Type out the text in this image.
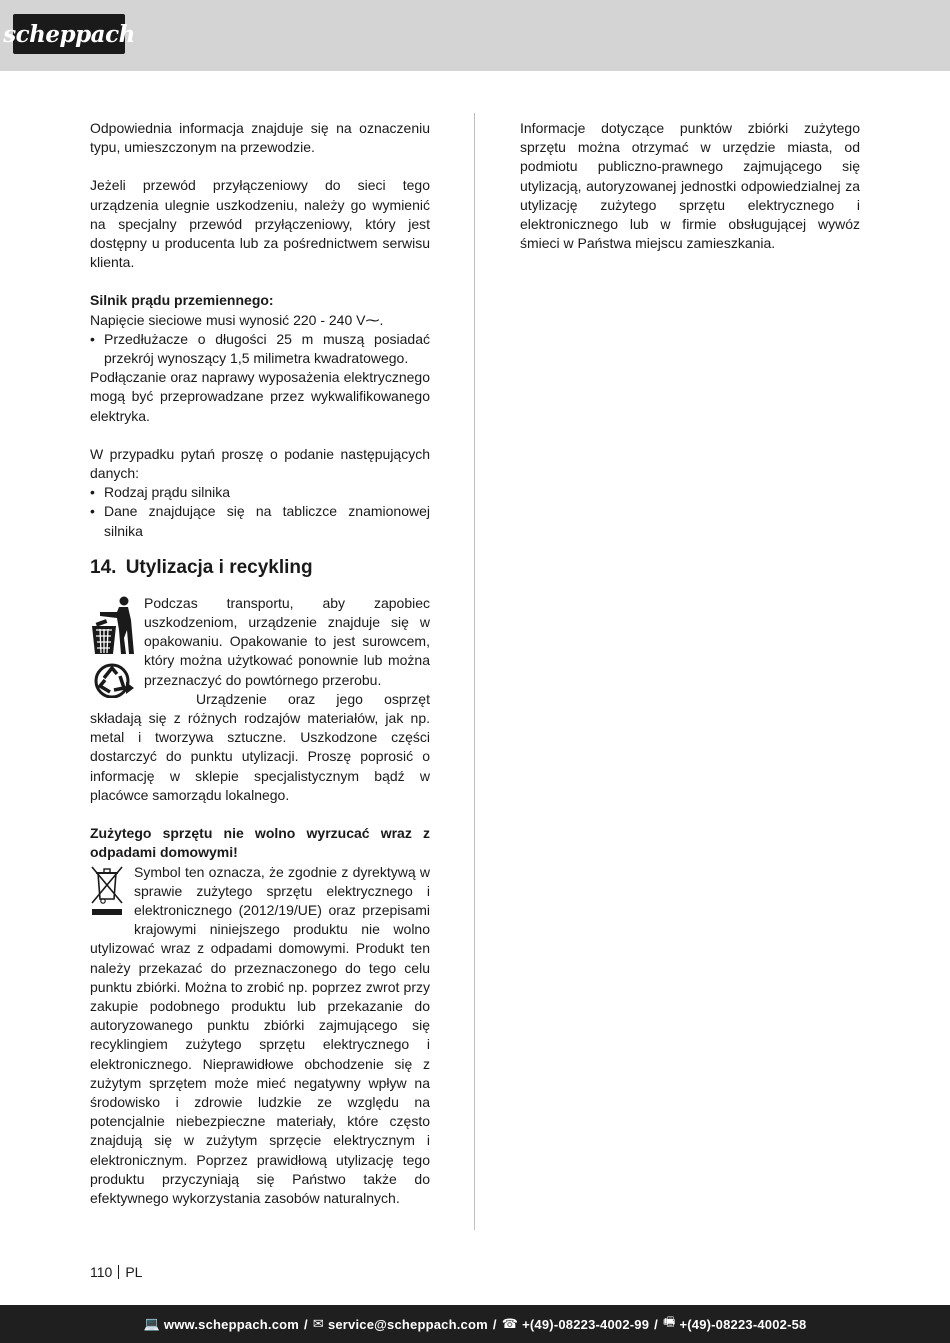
scheppach

Odpowiednia informacja znajduje się na oznaczeniu typu, umieszczonym na przewodzie.

Jeżeli przewód przyłączeniowy do sieci tego urządzenia ulegnie uszkodzeniu, należy go wymienić na specjalny przewód przyłączeniowy, który jest dostępny u producenta lub za pośrednictwem serwisu klienta.

Silnik prądu przemiennego:

Napięcie sieciowe musi wynosić 220 - 240 V⁓.

• Przedłużacze o długości 25 m muszą posiadać przekrój wynoszący 1,5 milimetra kwadratowego.

Podłączanie oraz naprawy wyposażenia elektrycznego mogą być przeprowadzane przez wykwalifikowanego elektryka.

W przypadku pytań proszę o podanie następujących danych:

• Rodzaj prądu silnika
• Dane znajdujące się na tabliczce znamionowej silnika
14. Utylizacja i recykling

Podczas transportu, aby zapobiec uszkodzeniom, urządzenie znajduje się w opakowaniu. Opakowanie to jest surowcem, który można użytkować ponownie lub można przeznaczyć do powtórnego przerobu.

Urządzenie oraz jego osprzęt składają się z różnych rodzajów materiałów, jak np. metal i tworzywa sztuczne. Uszkodzone części dostarczyć do punktu utylizacji. Proszę poprosić o informację w sklepie specjalistycznym bądź w placówce samorządu lokalnego.

Zużytego sprzętu nie wolno wyrzucać wraz z odpadami domowymi!

Symbol ten oznacza, że zgodnie z dyrektywą w sprawie zużytego sprzętu elektrycznego i elektronicznego (2012/19/UE) oraz przepisami krajowymi niniejszego produktu nie wolno utylizować wraz z odpadami domowymi. Produkt ten należy przekazać do przeznaczonego do tego celu punktu zbiórki. Można to zrobić np. poprzez zwrot przy zakupie podobnego produktu lub przekazanie do autoryzowanego punktu zbiórki zajmującego się recyklingiem zużytego sprzętu elektrycznego i elektronicznego. Nieprawidłowe obchodzenie się z zużytym sprzętem może mieć negatywny wpływ na środowisko i zdrowie ludzkie ze względu na potencjalnie niebezpieczne materiały, które często znajdują się w zużytym sprzęcie elektrycznym i elektronicznym. Poprzez prawidłową utylizację tego produktu przyczyniają się Państwo także do efektywnego wykorzystania zasobów naturalnych.

Informacje dotyczące punktów zbiórki zużytego sprzętu można otrzymać w urzędzie miasta, od podmiotu publiczno-prawnego zajmującego się utylizacją, autoryzowanej jednostki odpowiedzialnej za utylizację zużytego sprzętu elektrycznego i elektronicznego lub w firmie obsługującej wywóz śmieci w Państwa miejscu zamieszkania.

110 PL
💻 www.scheppach.com / ✉ service@scheppach.com / ☎ +(49)-08223-4002-99 / 🖷 +(49)-08223-4002-58
